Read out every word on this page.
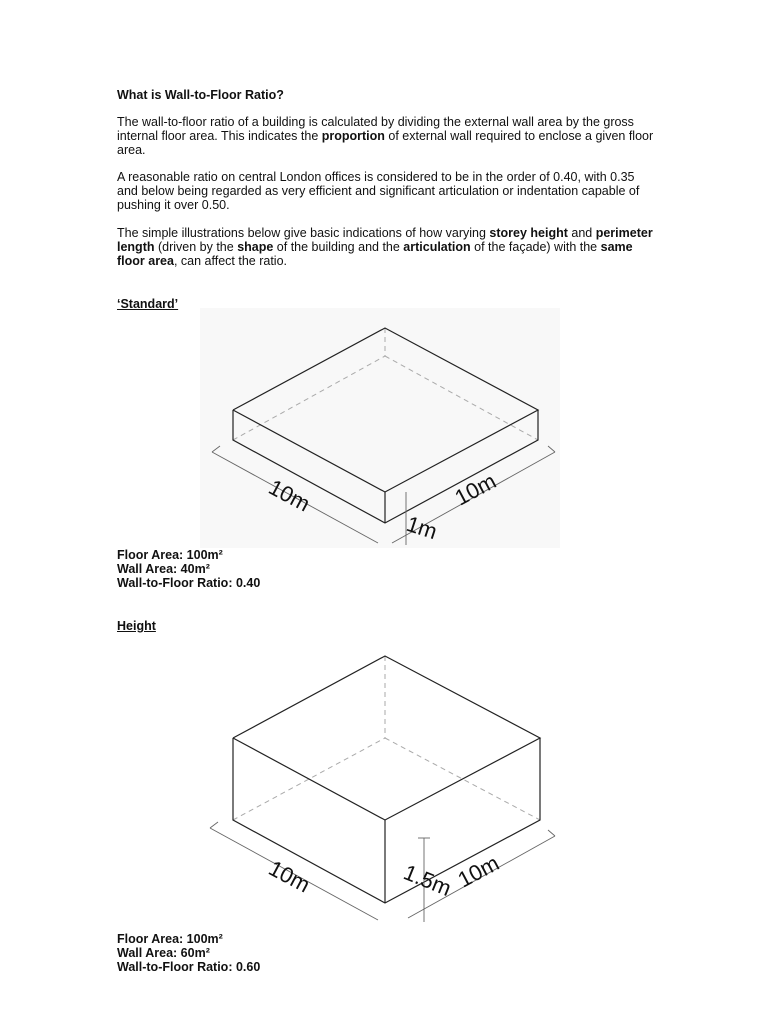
What is Wall-to-Floor Ratio?
The wall-to-floor ratio of a building is calculated by dividing the external wall area by the gross internal floor area. This indicates the proportion of external wall required to enclose a given floor area.
A reasonable ratio on central London offices is considered to be in the order of 0.40, with 0.35 and below being regarded as very efficient and significant articulation or indentation capable of pushing it over 0.50.
The simple illustrations below give basic indications of how varying storey height and perimeter length (driven by the shape of the building and the articulation of the façade) with the same floor area, can affect the ratio.
‘Standard’
Height
10m	10m
1m
10m	10m
1.5m
Floor Area: 100m²
Wall Area: 40m²
Wall-to-Floor Ratio: 0.40
Floor Area: 100m²
Wall Area: 60m²
Wall-to-Floor Ratio: 0.60
